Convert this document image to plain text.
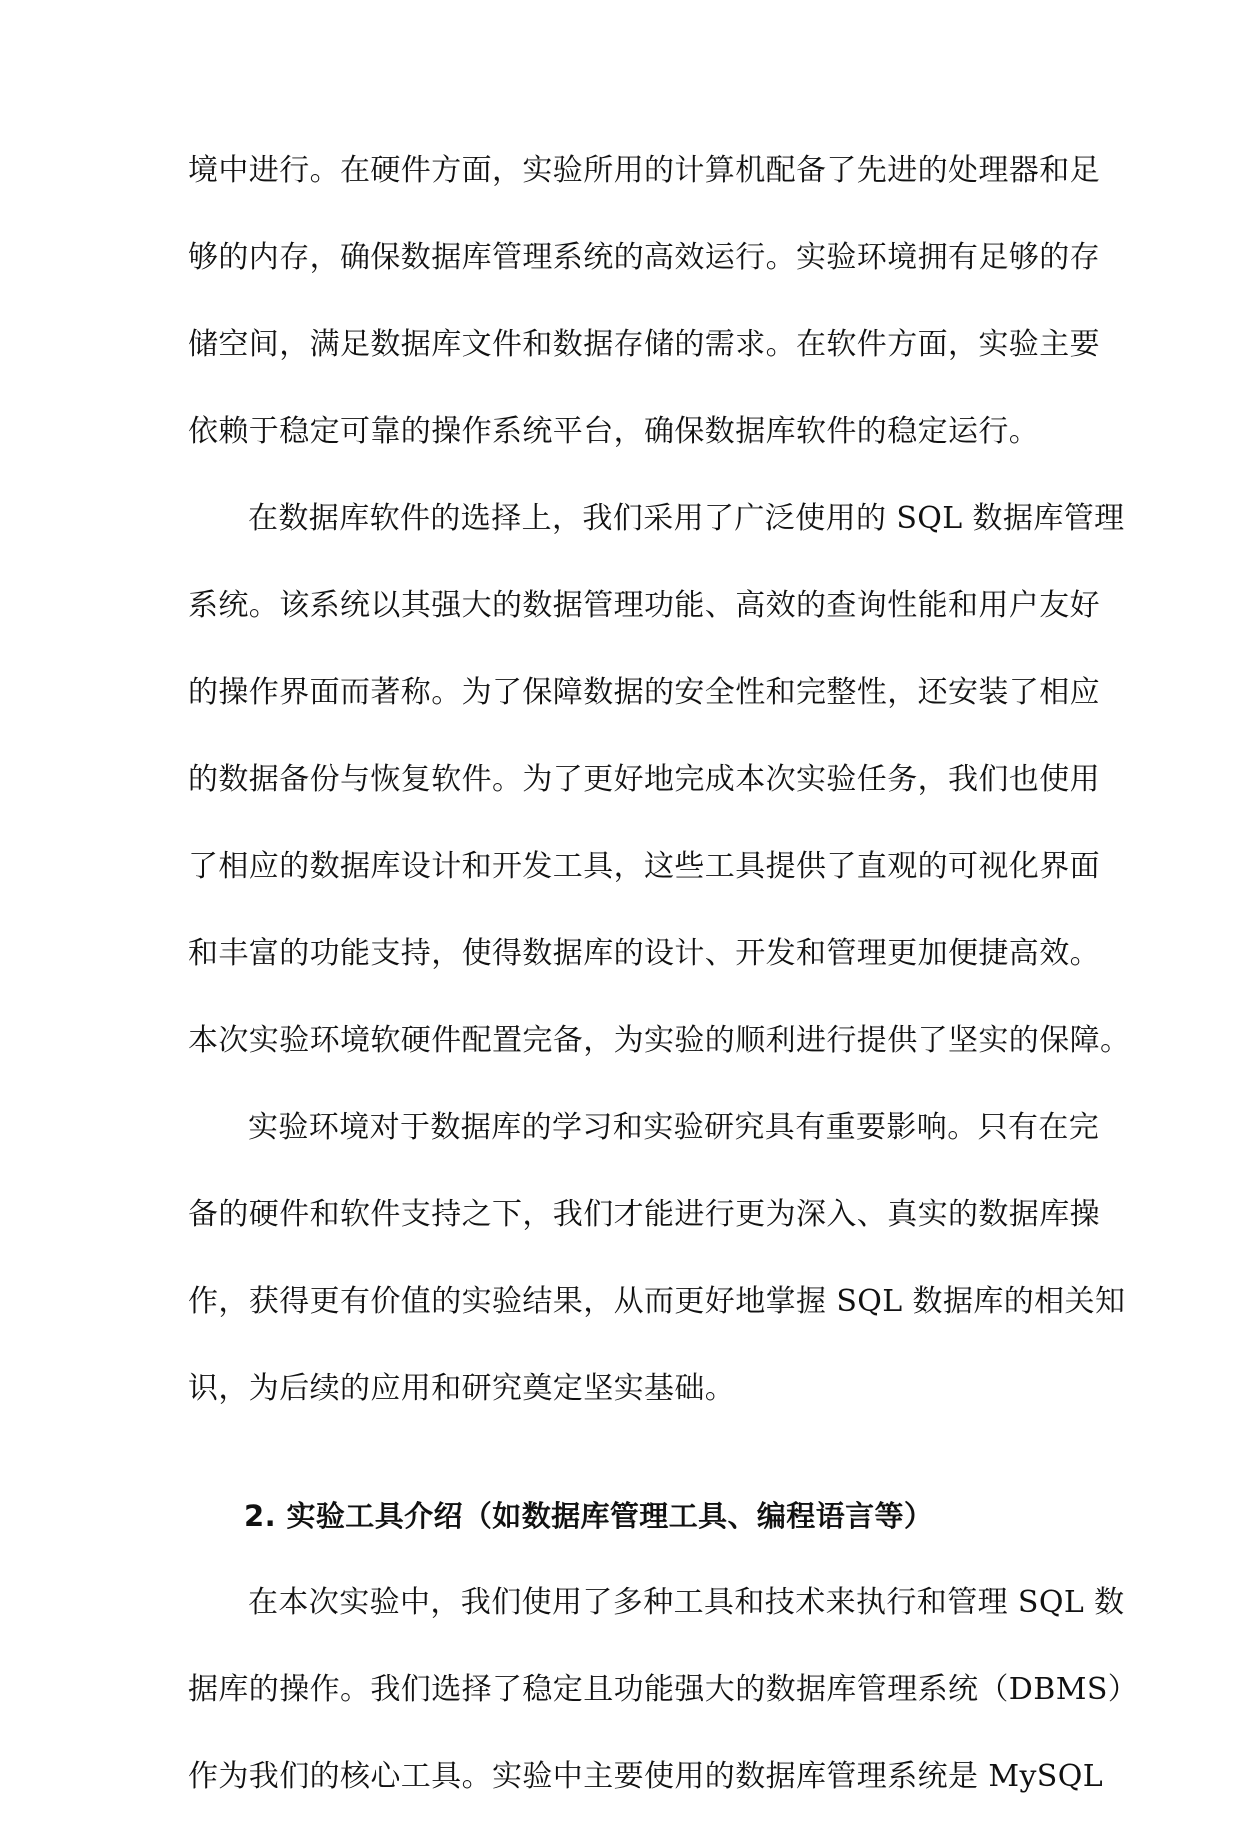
境中进行。在硬件方面，实验所用的计算机配备了先进的处理器和足
够的内存，确保数据库管理系统的高效运行。实验环境拥有足够的存
储空间，满足数据库文件和数据存储的需求。在软件方面，实验主要
依赖于稳定可靠的操作系统平台，确保数据库软件的稳定运行。
在数据库软件的选择上，我们采用了广泛使用的 SQL 数据库管理
系统。该系统以其强大的数据管理功能、高效的查询性能和用户友好
的操作界面而著称。为了保障数据的安全性和完整性，还安装了相应
的数据备份与恢复软件。为了更好地完成本次实验任务，我们也使用
了相应的数据库设计和开发工具，这些工具提供了直观的可视化界面
和丰富的功能支持，使得数据库的设计、开发和管理更加便捷高效。
本次实验环境软硬件配置完备，为实验的顺利进行提供了坚实的保障。
实验环境对于数据库的学习和实验研究具有重要影响。只有在完
备的硬件和软件支持之下，我们才能进行更为深入、真实的数据库操
作，获得更有价值的实验结果，从而更好地掌握 SQL 数据库的相关知
识，为后续的应用和研究奠定坚实基础。
2. 实验工具介绍（如数据库管理工具、编程语言等）
在本次实验中，我们使用了多种工具和技术来执行和管理 SQL 数
据库的操作。我们选择了稳定且功能强大的数据库管理系统（DBMS）
作为我们的核心工具。实验中主要使用的数据库管理系统是 MySQL
